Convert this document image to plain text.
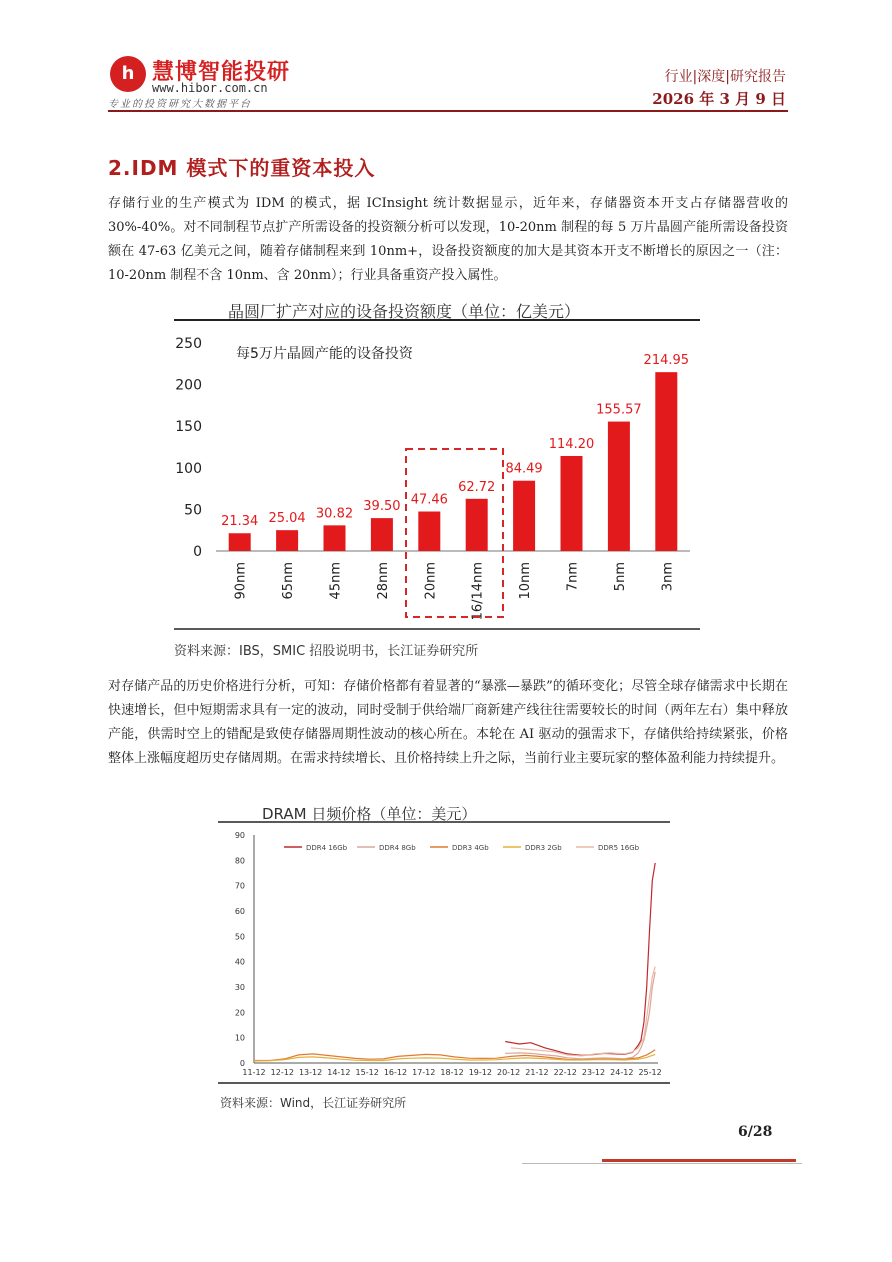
h 慧博智能投研
www.hibor.com.cn
专业的投资研究大数据平台
行业|深度|研究报告
2026 年 3 月 9 日
2.IDM 模式下的重资本投入
存储行业的生产模式为 IDM 的模式，据 ICInsight 统计数据显示，近年来，存储器资本开支占存储器营收的 30%-40%。对不同制程节点扩产所需设备的投资额分析可以发现，10-20nm 制程的每 5 万片晶圆产能所需设备投资额在 47-63 亿美元之间，随着存储制程来到 10nm+，设备投资额度的加大是其资本开支不断增长的原因之一（注：10-20nm 制程不含 10nm、含 20nm）；行业具备重资产投入属性。
晶圆厂扩产对应的设备投资额度（单位：亿美元）
0
50
100
150
200
250
21.34 25.04 30.82 39.50 47.46
62.72
84.49
114.20
155.57
214.95
90nm 65nm 45nm 28nm 20nm 16/14nm 10nm 7nm 5nm 3nm
每5万片晶圆产能的设备投资
资料来源：IBS，SMIC 招股说明书，长江证券研究所
对存储产品的历史价格进行分析，可知：存储价格都有着显著的“暴涨—暴跌”的循环变化；尽管全球存储需求中长期在快速增长，但中短期需求具有一定的波动，同时受制于供给端厂商新建产线往往需要较长的时间（两年左右）集中释放产能，供需时空上的错配是致使存储器周期性波动的核心所在。本轮在 AI 驱动的强需求下，存储供给持续紧张，价格整体上涨幅度超历史存储周期。在需求持续增长、且价格持续上升之际，当前行业主要玩家的整体盈利能力持续提升。
DRAM 日频价格（单位：美元）
0
10
20
30
40
50
60
70
80
90
11-12 12-12 13-12 14-12 15-12 16-12 17-12 18-12 19-12 20-12 21-12 22-12 23-12 24-12 25-12
DDR4 16Gb	DDR4 8Gb	DDR3 4Gb	DDR3 2Gb	DDR5 16Gb
资料来源：Wind，长江证券研究所
6/28
